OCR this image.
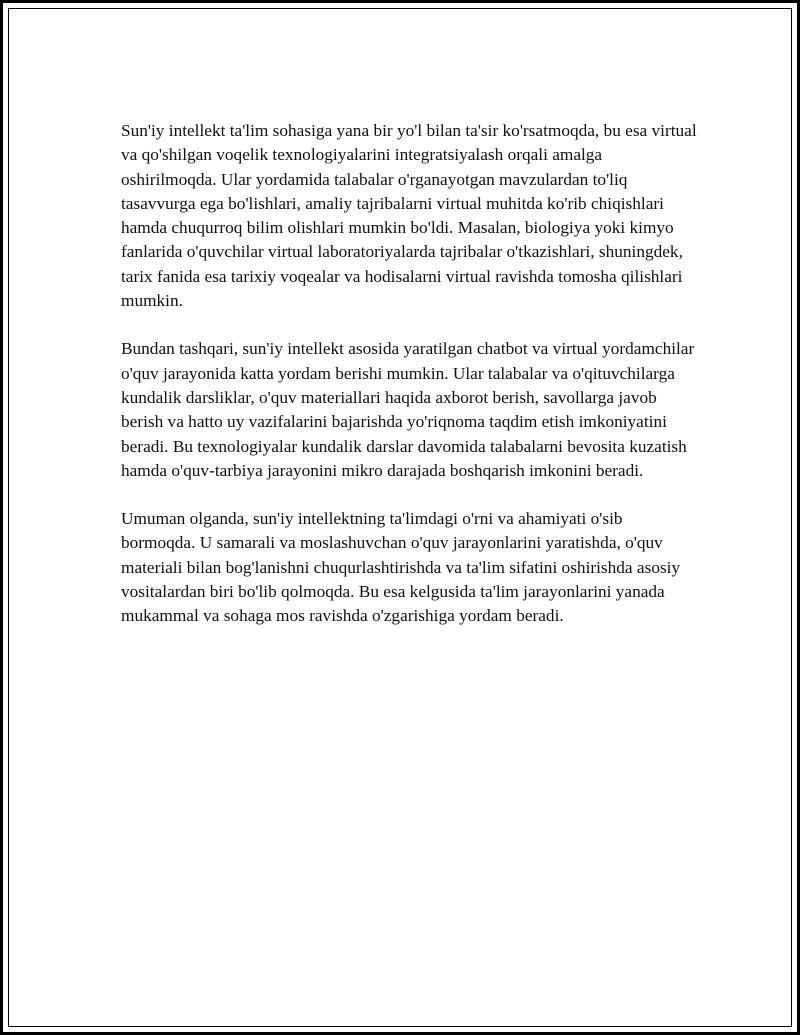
Sun'iy intellekt ta'lim sohasiga yana bir yo'l bilan ta'sir ko'rsatmoqda, bu esa virtual va qo'shilgan voqelik texnologiyalarini integratsiyalash orqali amalga oshirilmoqda. Ular yordamida talabalar o'rganayotgan mavzulardan to'liq tasavvurga ega bo'lishlari, amaliy tajribalarni virtual muhitda ko'rib chiqishlari hamda chuqurroq bilim olishlari mumkin bo'ldi. Masalan, biologiya yoki kimyo fanlarida o'quvchilar virtual laboratoriyalarda tajribalar o'tkazishlari, shuningdek, tarix fanida esa tarixiy voqealar va hodisalarni virtual ravishda tomosha qilishlari mumkin.

Bundan tashqari, sun'iy intellekt asosida yaratilgan chatbot va virtual yordamchilar o'quv jarayonida katta yordam berishi mumkin. Ular talabalar va o'qituvchilarga kundalik darsliklar, o'quv materiallari haqida axborot berish, savollarga javob berish va hatto uy vazifalarini bajarishda yo'riqnoma taqdim etish imkoniyatini beradi. Bu texnologiyalar kundalik darslar davomida talabalarni bevosita kuzatish hamda o'quv-tarbiya jarayonini mikro darajada boshqarish imkonini beradi.

Umuman olganda, sun'iy intellektning ta'limdagi o'rni va ahamiyati o'sib bormoqda. U samarali va moslashuvchan o'quv jarayonlarini yaratishda, o'quv materiali bilan bog'lanishni chuqurlashtirishda va ta'lim sifatini oshirishda asosiy vositalardan biri bo'lib qolmoqda. Bu esa kelgusida ta'lim jarayonlarini yanada mukammal va sohaga mos ravishda o'zgarishiga yordam beradi.
